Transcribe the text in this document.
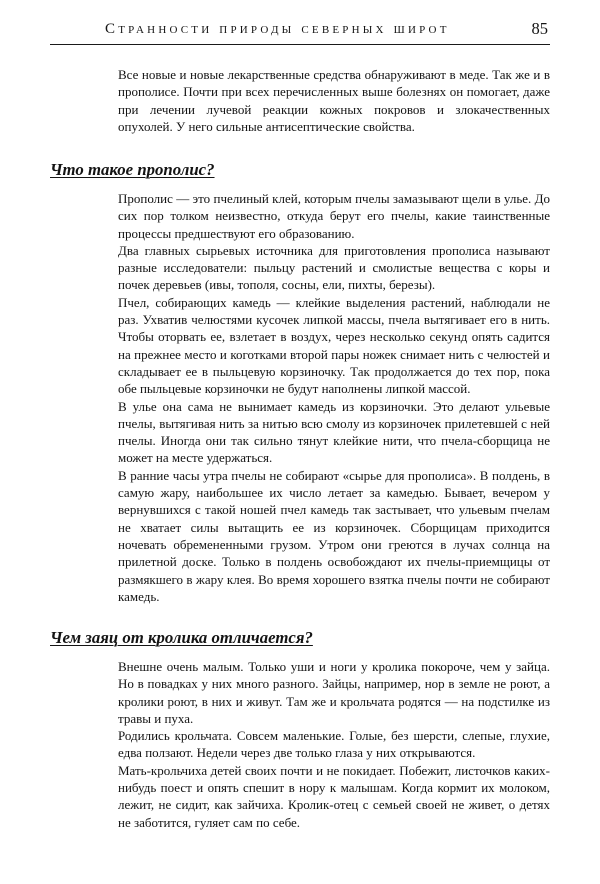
Странности природы северных широт	85

Все новые и новые лекарственные средства обнаруживают в меде. Так же и в прополисе. Почти при всех перечисленных выше болезнях он помогает, даже при лечении лучевой реакции кожных покровов и злокачественных опухолей. У него сильные антисептические свойства.

Что такое прополис?

Прополис — это пчелиный клей, которым пчелы замазывают щели в улье. До сих пор толком неизвестно, откуда берут его пчелы, какие таинственные процессы предшествуют его образованию.

Два главных сырьевых источника для приготовления прополиса называют разные исследователи: пыльцу растений и смолистые вещества с коры и почек деревьев (ивы, тополя, сосны, ели, пихты, березы).

Пчел, собирающих камедь — клейкие выделения растений, наблюдали не раз. Ухватив челюстями кусочек липкой массы, пчела вытягивает его в нить. Чтобы оторвать ее, взлетает в воздух, через несколько секунд опять садится на прежнее место и коготками второй пары ножек снимает нить с челюстей и складывает ее в пыльцевую корзиночку. Так продолжается до тех пор, пока обе пыльцевые корзиночки не будут наполнены липкой массой.

В улье она сама не вынимает камедь из корзиночки. Это делают ульевые пчелы, вытягивая нить за нитью всю смолу из корзиночек прилетевшей с ней пчелы. Иногда они так сильно тянут клейкие нити, что пчела-сборщица не может на месте удержаться.

В ранние часы утра пчелы не собирают «сырье для прополиса». В полдень, в самую жару, наибольшее их число летает за камедью. Бывает, вечером у вернувшихся с такой ношей пчел камедь так застывает, что ульевым пчелам не хватает силы вытащить ее из корзиночек. Сборщицам приходится ночевать обремененными грузом. Утром они греются в лучах солнца на прилетной доске. Только в полдень освобождают их пчелы-приемщицы от размякшего в жару клея. Во время хорошего взятка пчелы почти не собирают камедь.

Чем заяц от кролика отличается?

Внешне очень малым. Только уши и ноги у кролика покороче, чем у зайца. Но в повадках у них много разного. Зайцы, например, нор в земле не роют, а кролики роют, в них и живут. Там же и крольчата родятся — на подстилке из травы и пуха.

Родились крольчата. Совсем маленькие. Голые, без шерсти, слепые, глухие, едва ползают. Недели через две только глаза у них открываются.

Мать-крольчиха детей своих почти и не покидает. Побежит, листочков каких-нибудь поест и опять спешит в нору к малышам. Когда кормит их молоком, лежит, не сидит, как зайчиха. Кролик-отец с семьей своей не живет, о детях не заботится, гуляет сам по себе.
